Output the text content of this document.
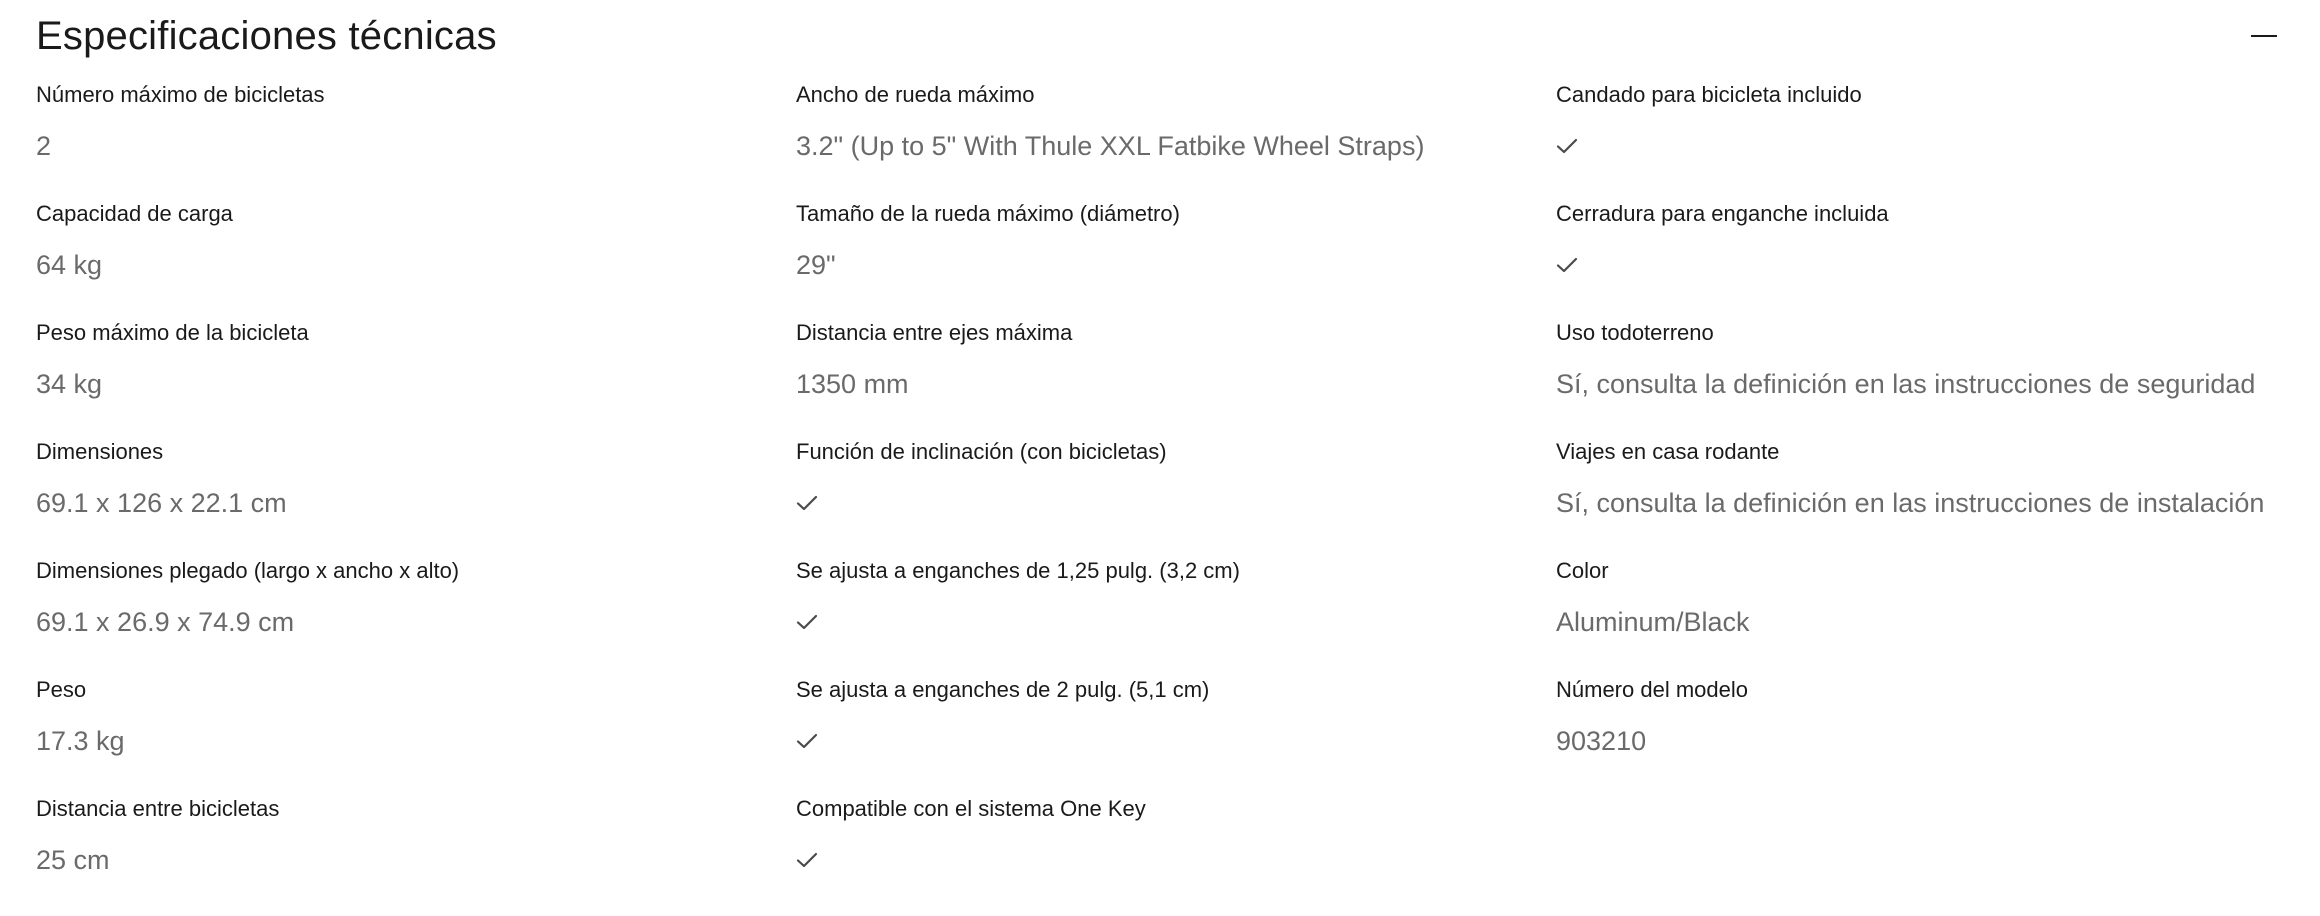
Especificaciones técnicas
Número máximo de bicicletas
2
Capacidad de carga
64 kg
Peso máximo de la bicicleta
34 kg
Dimensiones
69.1 x 126 x 22.1 cm
Dimensiones plegado (largo x ancho x alto)
69.1 x 26.9 x 74.9 cm
Peso
17.3 kg
Distancia entre bicicletas
25 cm
Ancho de rueda máximo
3.2" (Up to 5" With Thule XXL Fatbike Wheel Straps)
Tamaño de la rueda máximo (diámetro)
29"
Distancia entre ejes máxima
1350 mm
Función de inclinación (con bicicletas)
Se ajusta a enganches de 1,25 pulg. (3,2 cm)
Se ajusta a enganches de 2 pulg. (5,1 cm)
Compatible con el sistema One Key
Candado para bicicleta incluido
Cerradura para enganche incluida
Uso todoterreno
Sí, consulta la definición en las instrucciones de seguridad
Viajes en casa rodante
Sí, consulta la definición en las instrucciones de instalación
Color
Aluminum/Black
Número del modelo
903210
